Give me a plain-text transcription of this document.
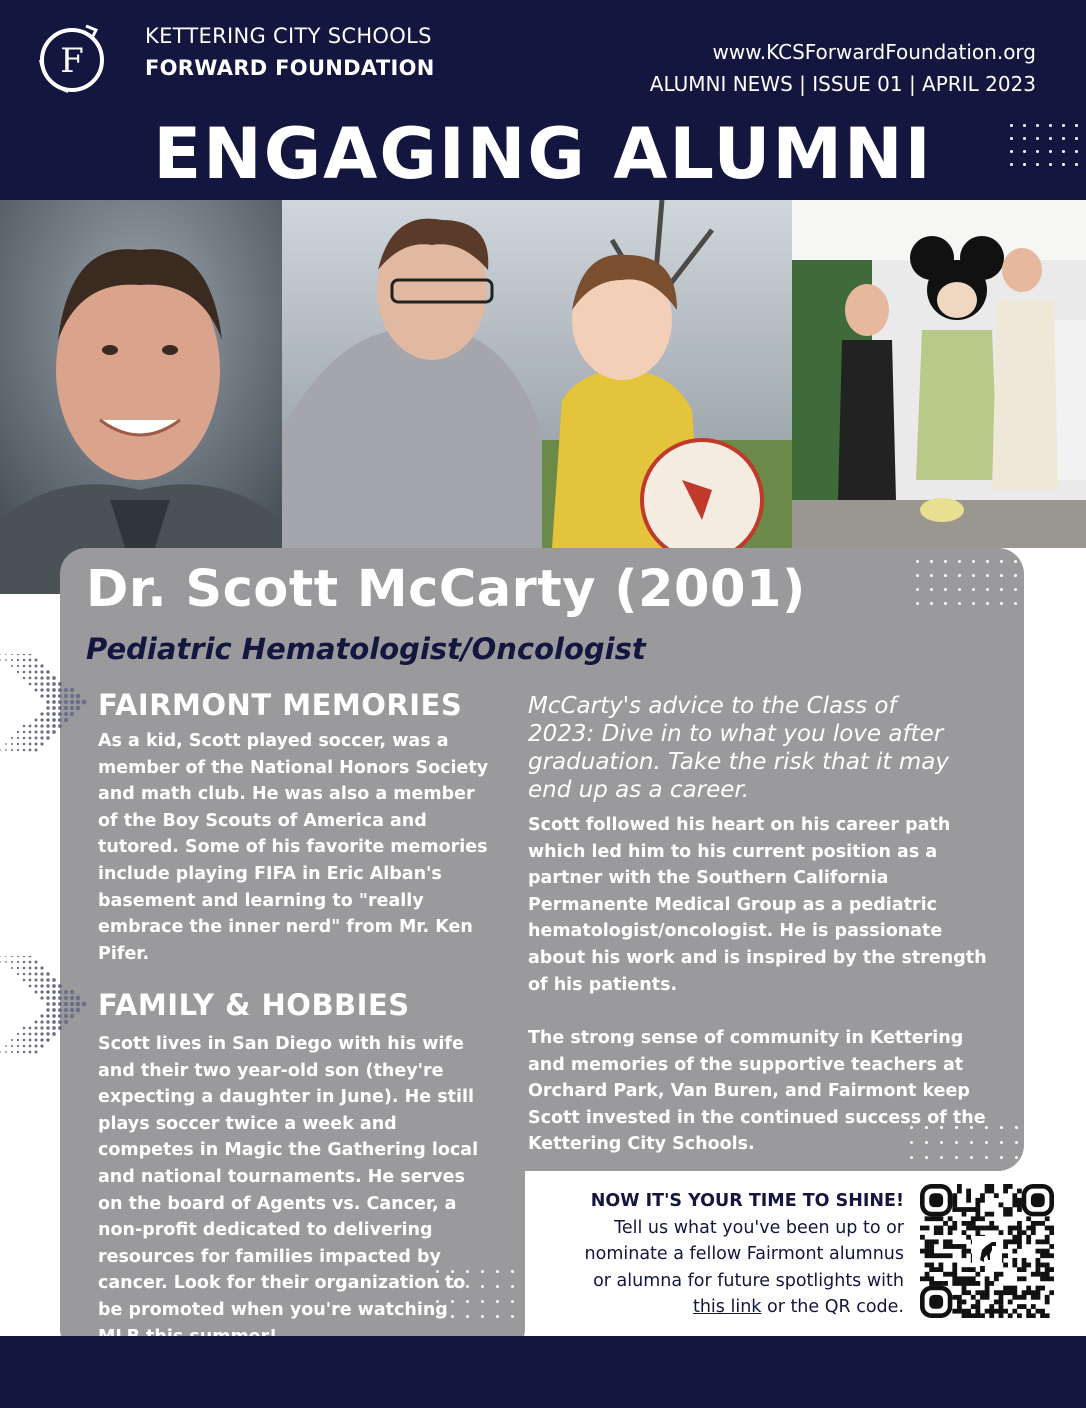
F
KETTERING CITY SCHOOLS
FORWARD FOUNDATION
www.KCSForwardFoundation.org
ALUMNI NEWS | ISSUE 01 | APRIL 2023
ENGAGING ALUMNI
Dr. Scott McCarty (2001)
Pediatric Hematologist/Oncologist
FAIRMONT MEMORIES

As a kid, Scott played soccer, was a

member of the National Honors Society

and math club. He was also a member

of the Boy Scouts of America and

tutored. Some of his favorite memories

include playing FIFA in Eric Alban's

basement and learning to "really

embrace the inner nerd" from Mr. Ken

Pifer.

FAMILY & HOBBIES

Scott lives in San Diego with his wife

and their two year-old son (they're

expecting a daughter in June). He still

plays soccer twice a week and

competes in Magic the Gathering local

and national tournaments. He serves

on the board of Agents vs. Cancer, a

non-profit dedicated to delivering

resources for families impacted by

cancer. Look for their organization to

be promoted when you're watching

McCarty's advice to the Class of

2023: Dive in to what you love after

graduation. Take the risk that it may

end up as a career.

Scott followed his heart on his career path

which led him to his current position as a

partner with the Southern California

Permanente Medical Group as a pediatric

hematologist/oncologist. He is passionate

about his work and is inspired by the strength

of his patients.

The strong sense of community in Kettering

and memories of the supportive teachers at

Orchard Park, Van Buren, and Fairmont keep

Scott invested in the continued success of the

Kettering City Schools.

NOW IT'S YOUR TIME TO SHINE!

Tell us what you've been up to or

nominate a fellow Fairmont alumnus

or alumna for future spotlights with

this link or the QR code.
